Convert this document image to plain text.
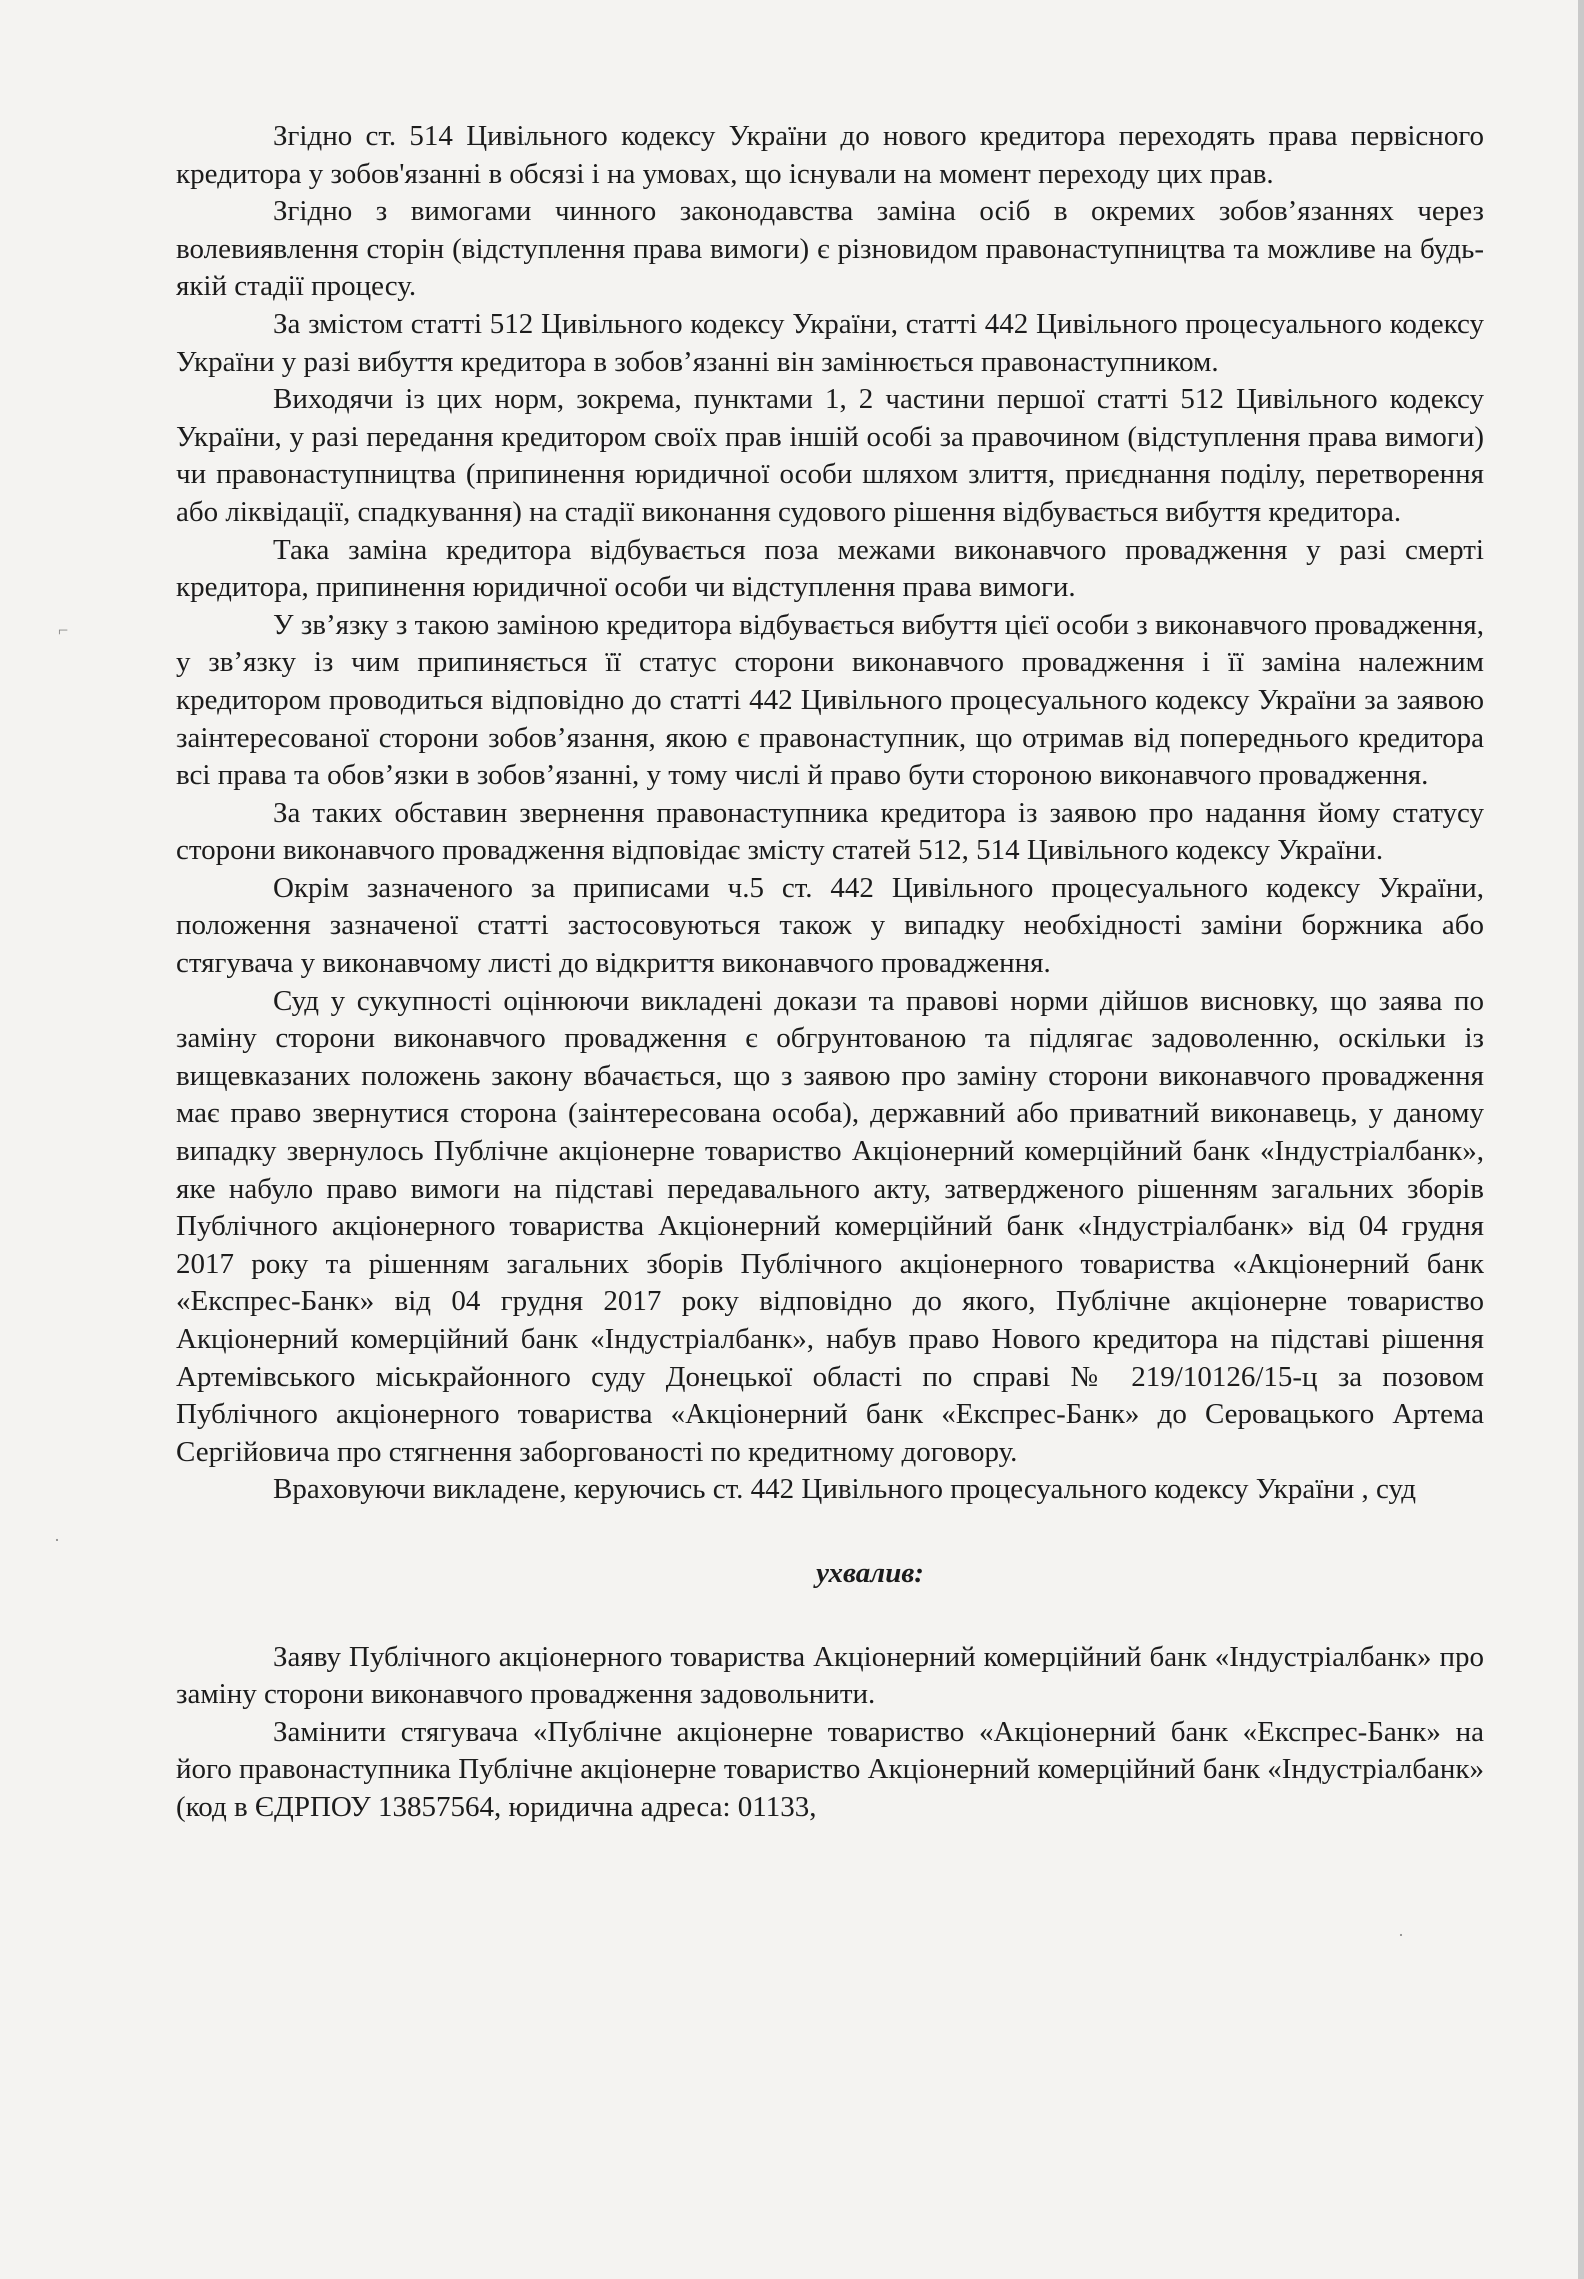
⌐
·
·

Згідно ст. 514 Цивільного кодексу України до нового кредитора переходять права первісного кредитора у зобов'язанні в обсязі і на умовах, що існували на момент переходу цих прав.

Згідно з вимогами чинного законодавства заміна осіб в окремих зобов’язаннях через волевиявлення сторін (відступлення права вимоги) є різновидом правонаступництва та можливе на будь-якій стадії процесу.

За змістом статті 512 Цивільного кодексу України, статті 442 Цивільного процесуального кодексу України у разі вибуття кредитора в зобов’язанні він замінюється правонаступником.

Виходячи із цих норм, зокрема, пунктами 1, 2 частини першої статті 512 Цивільного кодексу України, у разі передання кредитором своїх прав іншій особі за правочином (відступлення права вимоги) чи правонаступництва (припинення юридичної особи шляхом злиття, приєднання поділу, перетворення або ліквідації, спадкування) на стадії виконання судового рішення відбувається вибуття кредитора.

Така заміна кредитора відбувається поза межами виконавчого провадження у разі смерті кредитора, припинення юридичної особи чи відступлення права вимоги.

У зв’язку з такою заміною кредитора відбувається вибуття цієї особи з виконавчого провадження, у зв’язку із чим припиняється її статус сторони виконавчого провадження і її заміна належним кредитором проводиться відповідно до статті 442 Цивільного процесуального кодексу України за заявою заінтересованої сторони зобов’язання, якою є правонаступник, що отримав від попереднього кредитора всі права та обов’язки в зобов’язанні, у тому числі й право бути стороною виконавчого провадження.

За таких обставин звернення правонаступника кредитора із заявою про надання йому статусу сторони виконавчого провадження відповідає змісту статей 512, 514 Цивільного кодексу України.

Окрім зазначеного за приписами ч.5 ст. 442 Цивільного процесуального кодексу України, положення зазначеної статті застосовуються також у випадку необхідності заміни боржника або стягувача у виконавчому листі до відкриття виконавчого провадження.

Суд у сукупності оцінюючи викладені докази та правові норми дійшов висновку, що заява по заміну сторони виконавчого провадження є обгрунтованою та підлягає задоволенню, оскільки із вищевказаних положень закону вбачається, що з заявою про заміну сторони виконавчого провадження має право звернутися сторона (заінтересована особа), державний або приватний виконавець, у даному випадку звернулось Публічне акціонерне товариство Акціонерний комерційний банк «Індустріалбанк», яке набуло право вимоги на підставі передавального акту, затвердженого рішенням загальних зборів Публічного акціонерного товариства Акціонерний комерційний банк «Індустріалбанк» від 04 грудня 2017 року та рішенням загальних зборів Публічного акціонерного товариства «Акціонерний банк «Експрес-Банк» від 04 грудня 2017 року відповідно до якого, Публічне акціонерне товариство Акціонерний комерційний банк «Індустріалбанк», набув право Нового кредитора на підставі рішення Артемівського міськрайонного суду Донецької області по справі № 219/10126/15-ц за позовом Публічного акціонерного товариства «Акціонерний банк «Експрес-Банк» до Серовацького Артема Сергійовича про стягнення заборгованості по кредитному договору.

Враховуючи викладене, керуючись ст. 442 Цивільного процесуального кодексу України , суд

ухвалив:

Заяву Публічного акціонерного товариства Акціонерний комерційний банк «Індустріалбанк» про заміну сторони виконавчого провадження задовольнити.

Замінити стягувача «Публічне акціонерне товариство «Акціонерний банк «Експрес-Банк» на його правонаступника Публічне акціонерне товариство Акціонерний комерційний банк «Індустріалбанк» (код в ЄДРПОУ 13857564, юридична адреса: 01133,
